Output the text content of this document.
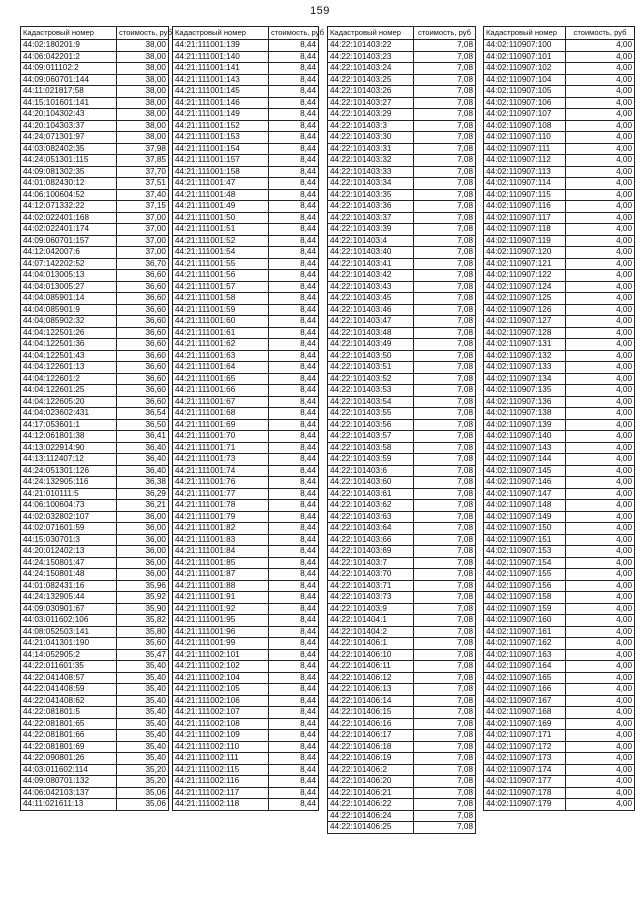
159
Кадастровый номер	стоимость, руб
44:02:180201:9	38,00
44:06:042201:2	38,00
44:09:011102:2	38,00
44:09:060701:144	38,00
44:11:021817:58	38,00
44:15:101601:141	38,00
44:20:104302:43	38,00
44:20:104303:37	38,00
44:24:071301:97	38,00
44:03:082402:35	37,98
44:24:051301:115	37,85
44:09:081302:35	37,70
44:01:082430:12	37,51
44:06:100604:52	37,40
44:12:071332:22	37,15
44:02:022401:168	37,00
44:02:022401:174	37,00
44:09:060701:157	37,00
44:12:042007:6	37,00
44:07:142202:52	36,70
44:04:013005:13	36,60
44:04:013005:27	36,60
44:04:085901:14	36,60
44:04:085901:9	36,60
44:04:085902:32	36,60
44:04:122501:26	36,60
44:04:122501:36	36,60
44:04:122501:43	36,60
44:04:122601:13	36,60
44:04:122601:2	36,60
44:04:122601:25	36,60
44:04:122605:20	36,60
44:04:023602:431	36,54
44:17:053601:1	36,50
44:12:061801:38	36,41
44:13:022914:90	36,40
44:13:112407:12	36,40
44:24:051301:126	36,40
44:24:132905:116	36,38
44:21:010111:5	36,29
44:06:100604:73	36,21
44:02:032802:107	36,00
44:02:071601:59	36,00
44:15:030701:3	36,00
44:20:012402:13	36,00
44:24:150801:47	36,00
44:24:150801:48	36,00
44:01:082431:16	35,96
44:24:132905:44	35,92
44:09:030901:67	35,90
44:03:011602:106	35,82
44:08:052503:141	35,80
44:21:041301:190	35,60
44:14:052905:2	35,47
44:22:011601:35	35,40
44:22:041408:57	35,40
44:22:041408:59	35,40
44:22:041408:62	35,40
44:22:081801:5	35,40
44:22:081801:65	35,40
44:22:081801:66	35,40
44:22:081801:69	35,40
44:22:090801:26	35,40
44:03:011602:114	35,20
44:09:080701:132	35,20
44:06:042103:137	35,06
44:11:021611:13	35,06
Кадастровый номер	стоимость, руб
44:21:111001:139	8,44
44:21:111001:140	8,44
44:21:111001:141	8,44
44:21:111001:143	8,44
44:21:111001:145	8,44
44:21:111001:146	8,44
44:21:111001:149	8,44
44:21:111001:152	8,44
44:21:111001:153	8,44
44:21:111001:154	8,44
44:21:111001:157	8,44
44:21:111001:158	8,44
44:21:111001:47	8,44
44:21:111001:48	8,44
44:21:111001:49	8,44
44:21:111001:50	8,44
44:21:111001:51	8,44
44:21:111001:52	8,44
44:21:111001:54	8,44
44:21:111001:55	8,44
44:21:111001:56	8,44
44:21:111001:57	8,44
44:21:111001:58	8,44
44:21:111001:59	8,44
44:21:111001:60	8,44
44:21:111001:61	8,44
44:21:111001:62	8,44
44:21:111001:63	8,44
44:21:111001:64	8,44
44:21:111001:65	8,44
44:21:111001:66	8,44
44:21:111001:67	8,44
44:21:111001:68	8,44
44:21:111001:69	8,44
44:21:111001:70	8,44
44:21:111001:71	8,44
44:21:111001:73	8,44
44:21:111001:74	8,44
44:21:111001:76	8,44
44:21:111001:77	8,44
44:21:111001:78	8,44
44:21:111001:79	8,44
44:21:111001:82	8,44
44:21:111001:83	8,44
44:21:111001:84	8,44
44:21:111001:85	8,44
44:21:111001:87	8,44
44:21:111001:88	8,44
44:21:111001:91	8,44
44:21:111001:92	8,44
44:21:111001:95	8,44
44:21:111001:96	8,44
44:21:111001:99	8,44
44:21:111002:101	8,44
44:21:111002:102	8,44
44:21:111002:104	8,44
44:21:111002:105	8,44
44:21:111002:106	8,44
44:21:111002:107	8,44
44:21:111002:108	8,44
44:21:111002:109	8,44
44:21:111002:110	8,44
44:21:111002:111	8,44
44:21:111002:115	8,44
44:21:111002:116	8,44
44:21:111002:117	8,44
44:21:111002:118	8,44
Кадастровый номер	стоимость, руб
44:22:101403:22	7,08
44:22:101403:23	7,08
44:22:101403:24	7,08
44:22:101403:25	7,08
44:22:101403:26	7,08
44:22:101403:27	7,08
44:22:101403:29	7,08
44:22:101403:3	7,08
44:22:101403:30	7,08
44:22:101403:31	7,08
44:22:101403:32	7,08
44:22:101403:33	7,08
44:22:101403:34	7,08
44:22:101403:35	7,08
44:22:101403:36	7,08
44:22:101403:37	7,08
44:22:101403:39	7,08
44:22:101403:4	7,08
44:22:101403:40	7,08
44:22:101403:41	7,08
44:22:101403:42	7,08
44:22:101403:43	7,08
44:22:101403:45	7,08
44:22:101403:46	7,08
44:22:101403:47	7,08
44:22:101403:48	7,08
44:22:101403:49	7,08
44:22:101403:50	7,08
44:22:101403:51	7,08
44:22:101403:52	7,08
44:22:101403:53	7,08
44:22:101403:54	7,08
44:22:101403:55	7,08
44:22:101403:56	7,08
44:22:101403:57	7,08
44:22:101403:58	7,08
44:22:101403:59	7,08
44:22:101403:6	7,08
44:22:101403:60	7,08
44:22:101403:61	7,08
44:22:101403:62	7,08
44:22:101403:63	7,08
44:22:101403:64	7,08
44:22:101403:66	7,08
44:22:101403:69	7,08
44:22:101403:7	7,08
44:22:101403:70	7,08
44:22:101403:71	7,08
44:22:101403:73	7,08
44:22:101403:9	7,08
44:22:101404:1	7,08
44:22:101404:2	7,08
44:22:101406:1	7,08
44:22:101406:10	7,08
44:22:101406:11	7,08
44:22:101406:12	7,08
44:22:101406:13	7,08
44:22:101406:14	7,08
44:22:101406:15	7,08
44:22:101406:16	7,08
44:22:101406:17	7,08
44:22:101406:18	7,08
44:22:101406:19	7,08
44:22:101406:2	7,08
44:22:101406:20	7,08
44:22:101406:21	7,08
44:22:101406:22	7,08
44:22:101406:24	7,08
44:22:101406:25	7,08
Кадастровый номер	стоимость, руб
44:02:110907:100	4,00
44:02:110907:101	4,00
44:02:110907:102	4,00
44:02:110907:104	4,00
44:02:110907:105	4,00
44:02:110907:106	4,00
44:02:110907:107	4,00
44:02:110907:108	4,00
44:02:110907:110	4,00
44:02:110907:111	4,00
44:02:110907:112	4,00
44:02:110907:113	4,00
44:02:110907:114	4,00
44:02:110907:115	4,00
44:02:110907:116	4,00
44:02:110907:117	4,00
44:02:110907:118	4,00
44:02:110907:119	4,00
44:02:110907:120	4,00
44:02:110907:121	4,00
44:02:110907:122	4,00
44:02:110907:124	4,00
44:02:110907:125	4,00
44:02:110907:126	4,00
44:02:110907:127	4,00
44:02:110907:128	4,00
44:02:110907:131	4,00
44:02:110907:132	4,00
44:02:110907:133	4,00
44:02:110907:134	4,00
44:02:110907:135	4,00
44:02:110907:136	4,00
44:02:110907:138	4,00
44:02:110907:139	4,00
44:02:110907:140	4,00
44:02:110907:143	4,00
44:02:110907:144	4,00
44:02:110907:145	4,00
44:02:110907:146	4,00
44:02:110907:147	4,00
44:02:110907:148	4,00
44:02:110907:149	4,00
44:02:110907:150	4,00
44:02:110907:151	4,00
44:02:110907:153	4,00
44:02:110907:154	4,00
44:02:110907:155	4,00
44:02:110907:156	4,00
44:02:110907:158	4,00
44:02:110907:159	4,00
44:02:110907:160	4,00
44:02:110907:161	4,00
44:02:110907:162	4,00
44:02:110907:163	4,00
44:02:110907:164	4,00
44:02:110907:165	4,00
44:02:110907:166	4,00
44:02:110907:167	4,00
44:02:110907:168	4,00
44:02:110907:169	4,00
44:02:110907:171	4,00
44:02:110907:172	4,00
44:02:110907:173	4,00
44:02:110907:174	4,00
44:02:110907:177	4,00
44:02:110907:178	4,00
44:02:110907:179	4,00
